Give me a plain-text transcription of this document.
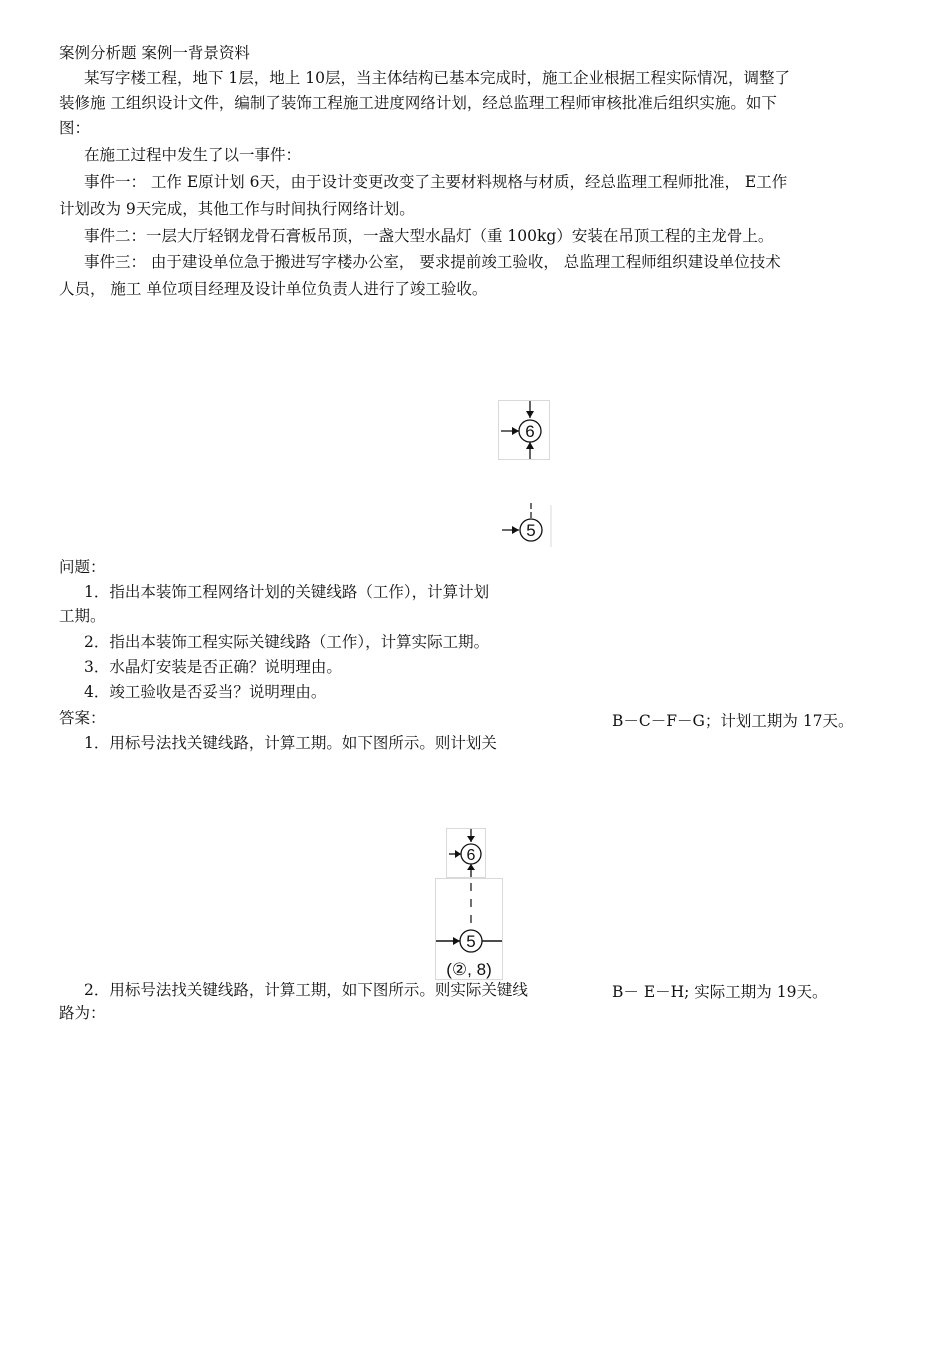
案例分析题 案例一背景资料
某写字楼工程，地下 1层，地上 10层，当主体结构已基本完成时，施工企业根据工程实际情况，调整了
装修施 工组织设计文件，编制了装饰工程施工进度网络计划，经总监理工程师审核批准后组织实施。如下
图：
在施工过程中发生了以一事件：
事件一： 工作 E原计划 6天，由于设计变更改变了主要材料规格与材质，经总监理工程师批准， E工作
计划改为 9天完成，其他工作与时间执行网络计划。
事件二：一层大厅轻钢龙骨石膏板吊顶，一盏大型水晶灯（重 100kg）安装在吊顶工程的主龙骨上。
事件三： 由于建设单位急于搬进写字楼办公室， 要求提前竣工验收， 总监理工程师组织建设单位技术
人员， 施工 单位项目经理及设计单位负责人进行了竣工验收。
6
5
问题：
1．指出本装饰工程网络计划的关键线路（工作），计算计划
工期。
2．指出本装饰工程实际关键线路（工作），计算实际工期。
3．水晶灯安装是否正确？说明理由。
4．竣工验收是否妥当？说明理由。
答案：	B－C－F－G；计划工期为 17天。
1．用标号法找关键线路，计算工期。如下图所示。则计划关
6
5
(②, 8)
2．用标号法找关键线路，计算工期，如下图所示。则实际关键线	B－ E－H; 实际工期为 19天。
路为：
